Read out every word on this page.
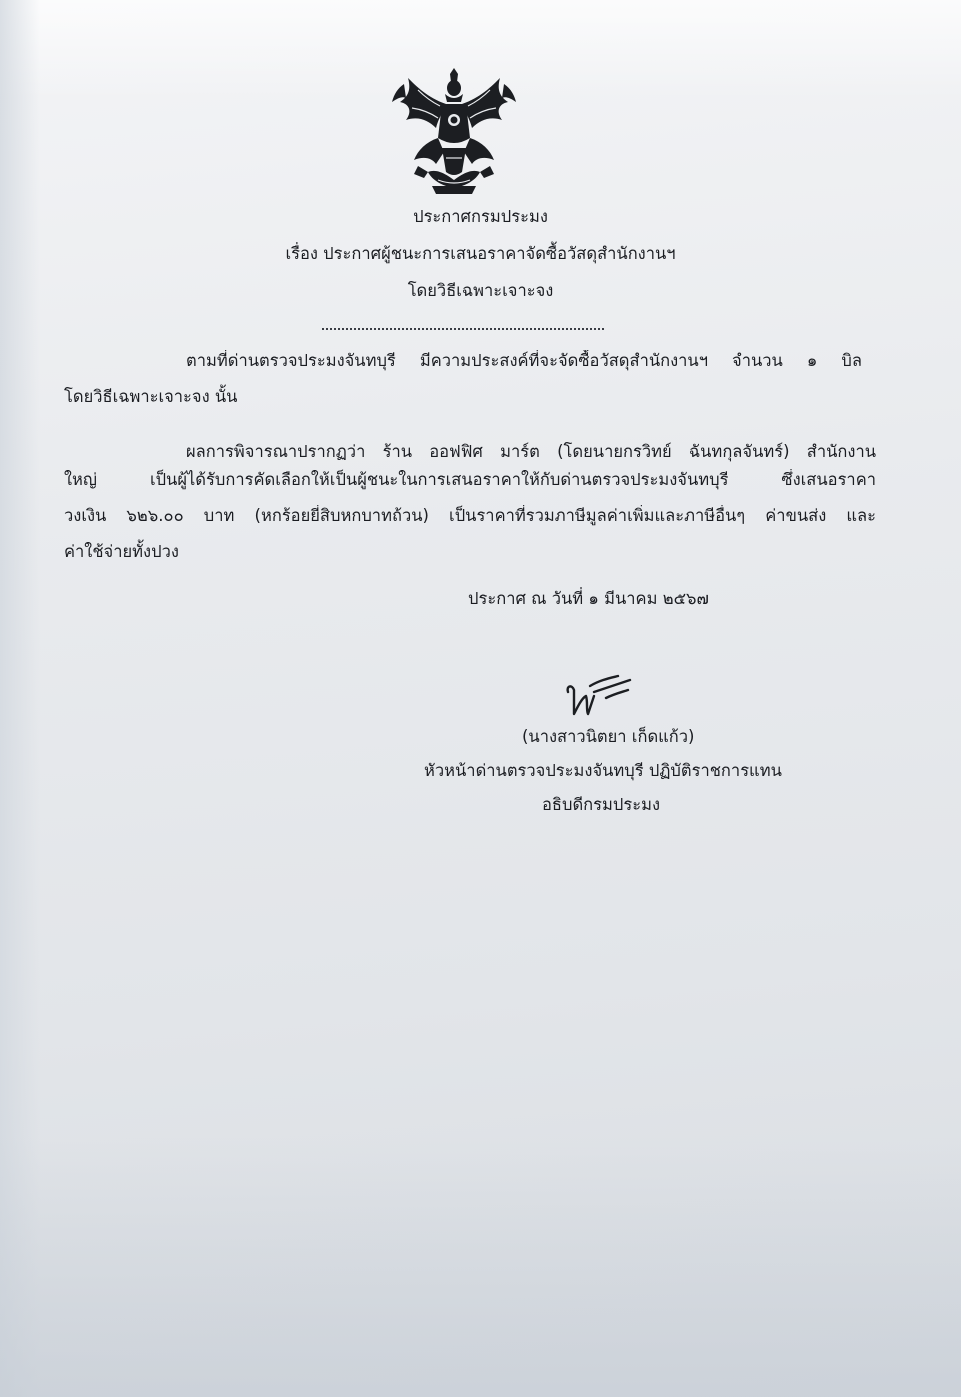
ประกาศกรมประมง
เรื่อง ประกาศผู้ชนะการเสนอราคาจัดซื้อวัสดุสำนักงานฯ
โดยวิธีเฉพาะเจาะจง
ตามที่ด่านตรวจประมงจันทบุรี มีความประสงค์ที่จะจัดซื้อวัสดุสำนักงานฯ จำนวน ๑ บิล
โดยวิธีเฉพาะเจาะจง นั้น
ผลการพิจารณาปรากฏว่า ร้าน ออฟฟิศ มาร์ต (โดยนายกรวิทย์ ฉันทกุลจันทร์) สำนักงาน
ใหญ่ เป็นผู้ได้รับการคัดเลือกให้เป็นผู้ชนะในการเสนอราคาให้กับด่านตรวจประมงจันทบุรี ซึ่งเสนอราคา
วงเงิน ๖๒๖.๐๐ บาท (หกร้อยยี่สิบหกบาทถ้วน) เป็นราคาที่รวมภาษีมูลค่าเพิ่มและภาษีอื่นๆ ค่าขนส่ง และ
ค่าใช้จ่ายทั้งปวง
ประกาศ ณ วันที่ ๑ มีนาคม ๒๕๖๗
(นางสาวนิตยา เก็ดแก้ว)
หัวหน้าด่านตรวจประมงจันทบุรี ปฏิบัติราชการแทน
อธิบดีกรมประมง
